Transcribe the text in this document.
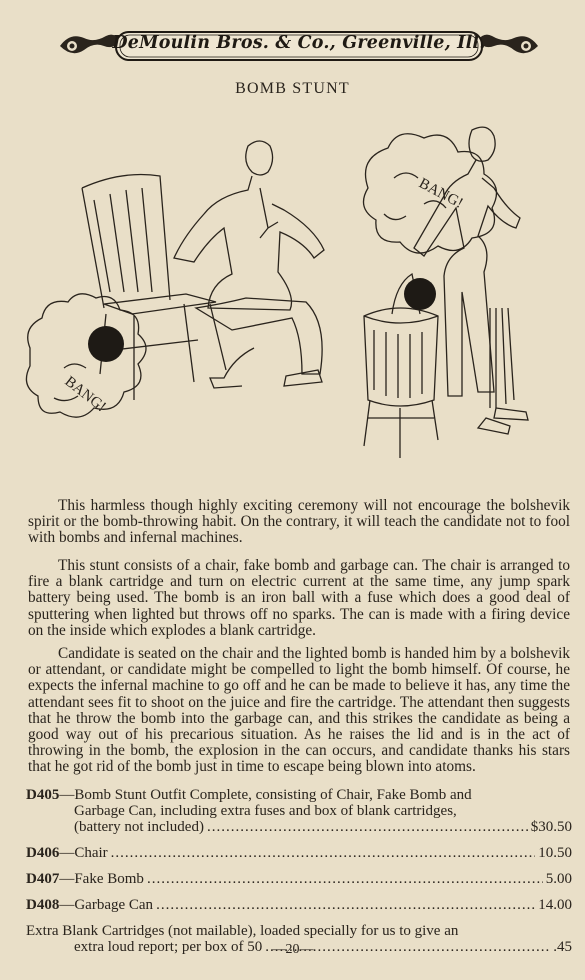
DeMoulin Bros. & Co., Greenville, Ill.
BOMB STUNT
BANG!
BANG!

This harmless though highly exciting ceremony will not encourage the bolshevik spirit or the bomb-throwing habit. On the contrary, it will teach the candidate not to fool with bombs and infernal machines.

This stunt consists of a chair, fake bomb and garbage can. The chair is arranged to fire a blank cartridge and turn on electric current at the same time, any jump spark battery being used. The bomb is an iron ball with a fuse which does a good deal of sputtering when lighted but throws off no sparks. The can is made with a firing device on the inside which explodes a blank cartridge.

Candidate is seated on the chair and the lighted bomb is handed him by a bolshevik or attendant, or candidate might be compelled to light the bomb himself. Of course, he expects the infernal machine to go off and he can be made to believe it has, any time the attendant sees fit to shoot on the juice and fire the cartridge. The attendant then suggests that he throw the bomb into the garbage can, and this strikes the candidate as being a good way out of his precarious situation. As he raises the lid and is in the act of throwing in the bomb, the explosion in the can occurs, and candidate thanks his stars that he got rid of the bomb just in time to escape being blown into atoms.

D405—Bomb Stunt Outfit Complete, consisting of Chair, Fake Bomb and
Garbage Can, including extra fuses and box of blank cartridges,
(battery not included) .....	$30.50
D406 —Chair .....	10.50
D407 —Fake Bomb .....	5.00
D408 —Garbage Can .....	14.00
Extra Blank Cartridges (not mailable), loaded specially for us to give an
extra loud report; per box of 50 .....	.45
—20—
